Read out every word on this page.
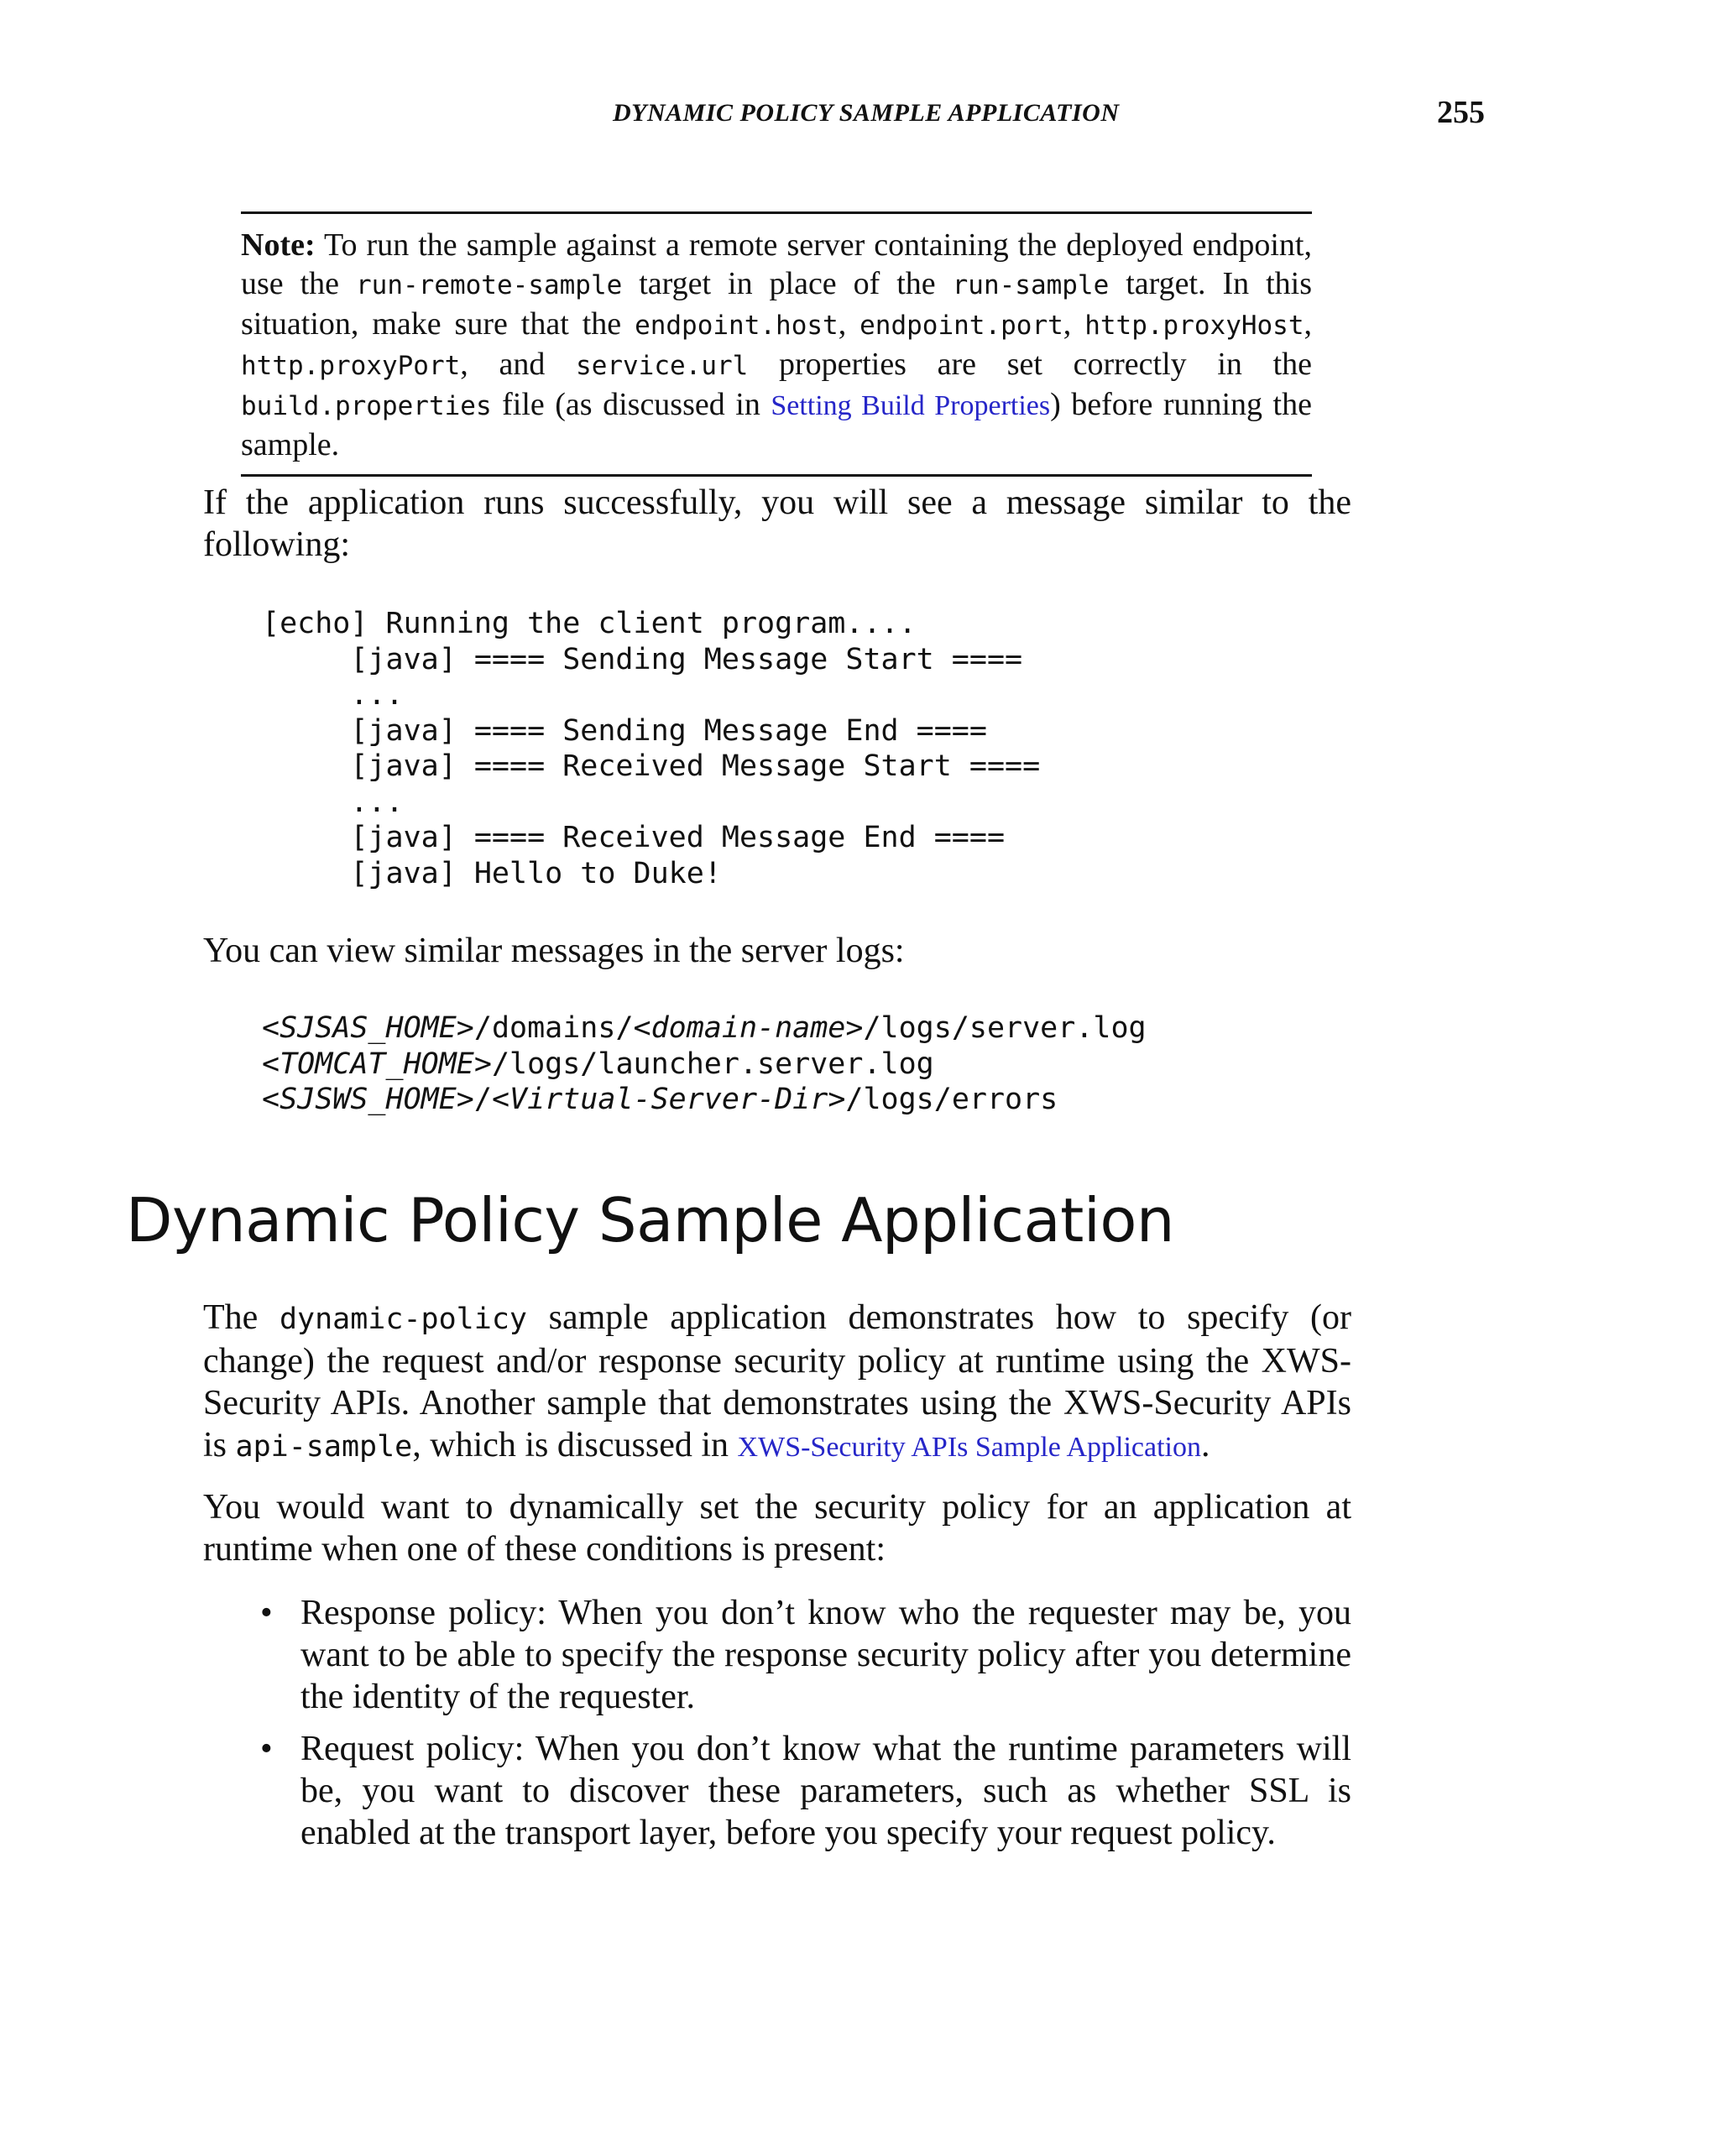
DYNAMIC POLICY SAMPLE APPLICATION	255
Note: To run the sample against a remote server containing the deployed endpoint, use the run-remote-sample target in place of the run-sample target. In this situation, make sure that the endpoint.host, endpoint.port, http.proxyHost, http.proxyPort, and service.url properties are set correctly in the build.properties file (as discussed in Setting Build Properties) before running the sample.
If the application runs successfully, you will see a message similar to the following:
[echo] Running the client program....
[java] ==== Sending Message Start ====
...
[java] ==== Sending Message End ====
[java] ==== Received Message Start ====
...
[java] ==== Received Message End ====
[java] Hello to Duke!
You can view similar messages in the server logs:
<SJSAS_HOME>/domains/<domain-name>/logs/server.log
<TOMCAT_HOME>/logs/launcher.server.log
<SJSWS_HOME>/<Virtual-Server-Dir>/logs/errors
Dynamic Policy Sample Application
The dynamic-policy sample application demonstrates how to specify (or change) the request and/or response security policy at runtime using the XWS-Security APIs. Another sample that demonstrates using the XWS-Security APIs is api-sample, which is discussed in XWS-Security APIs Sample Application.
You would want to dynamically set the security policy for an application at runtime when one of these conditions is present:
• Response policy: When you don’t know who the requester may be, you want to be able to specify the response security policy after you determine the identity of the requester.
• Request policy: When you don’t know what the runtime parameters will be, you want to discover these parameters, such as whether SSL is enabled at the transport layer, before you specify your request policy.
